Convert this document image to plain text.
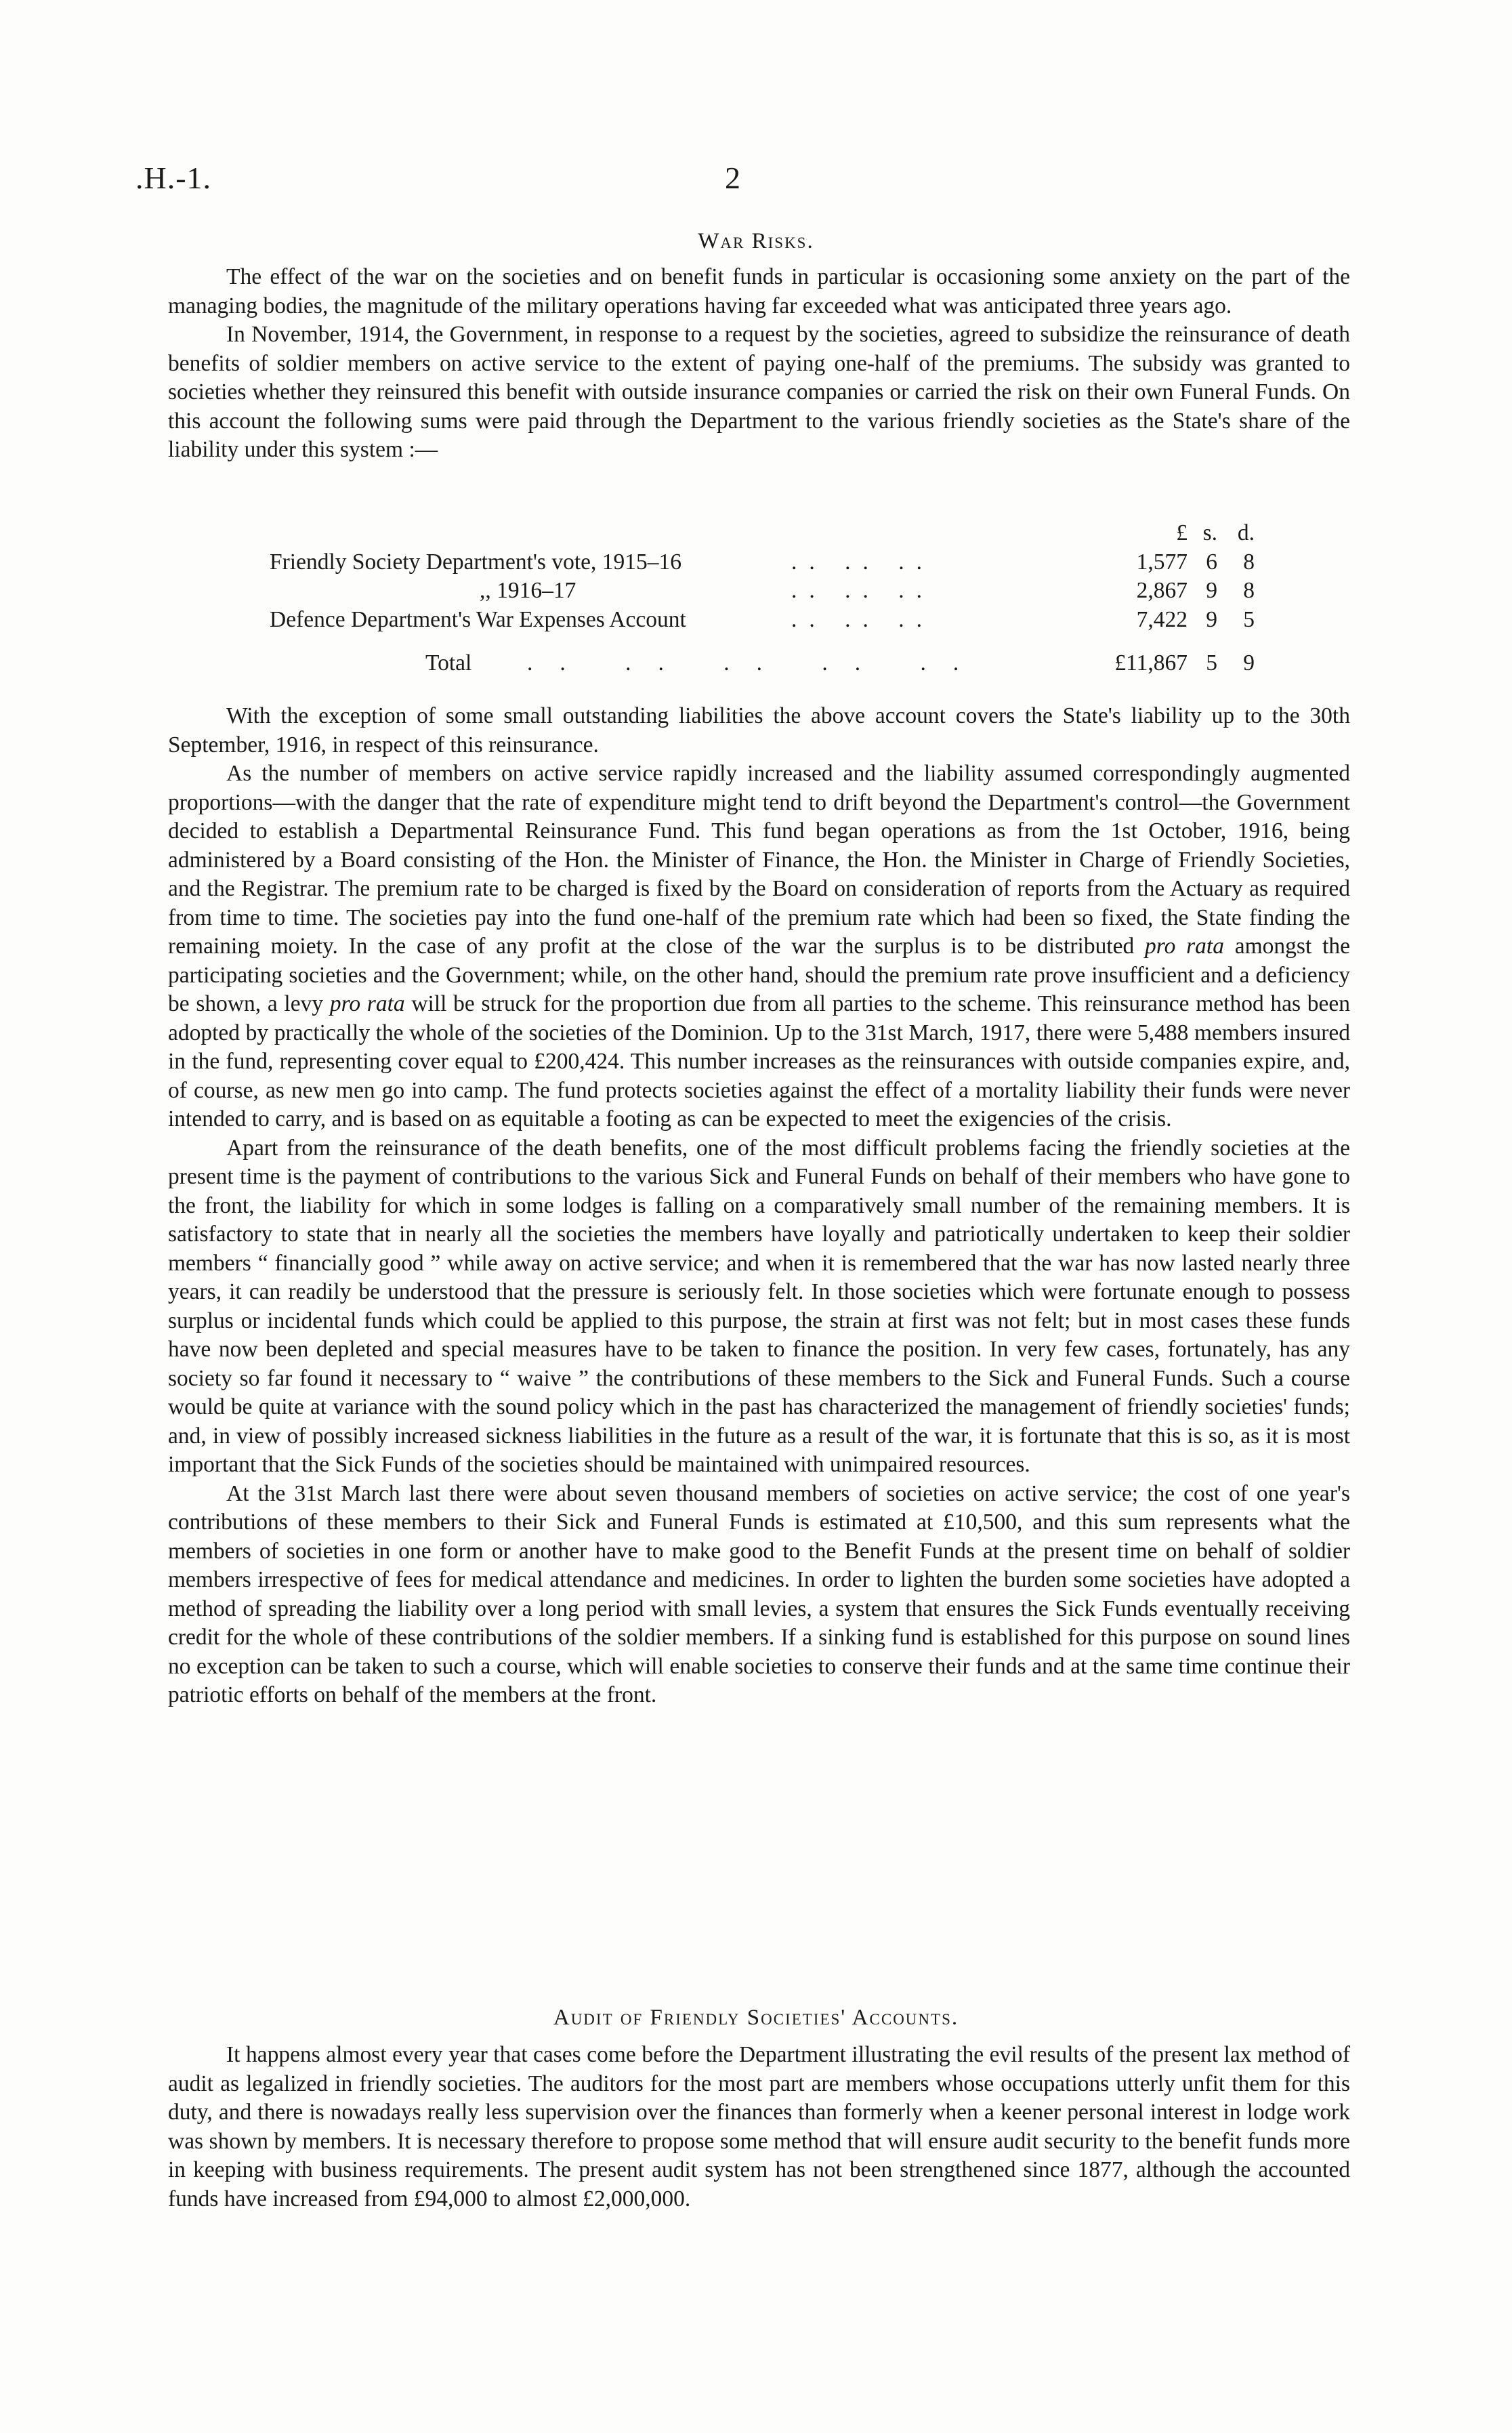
.H.-1.	2
War Risks.

The effect of the war on the societies and on benefit funds in particular is occasioning some anxiety on the part of the managing bodies, the magnitude of the military operations having far exceeded what was anticipated three years ago.

In November, 1914, the Government, in response to a request by the societies, agreed to subsidize the reinsurance of death benefits of soldier members on active service to the extent of paying one-half of the premiums. The subsidy was granted to societies whether they reinsured this benefit with outside insurance companies or carried the risk on their own Funeral Funds. On this account the following sums were paid through the Department to the various friendly societies as the State's share of the liability under this system :—

£ s. d.
Friendly Society Department's vote, 1915–16	.. .. ..	1,577 6	8
,, 1916–17	.. .. ..	2,867 9	8
Defence Department's War Expenses Account	.. .. ..	7,422 9	5
Total .. .. .. .. ..	£11,867 5	9

With the exception of some small outstanding liabilities the above account covers the State's liability up to the 30th September, 1916, in respect of this reinsurance.

As the number of members on active service rapidly increased and the liability assumed correspondingly augmented proportions—with the danger that the rate of expenditure might tend to drift beyond the Department's control—the Government decided to establish a Departmental Reinsurance Fund. This fund began operations as from the 1st October, 1916, being administered by a Board consisting of the Hon. the Minister of Finance, the Hon. the Minister in Charge of Friendly Societies, and the Registrar. The premium rate to be charged is fixed by the Board on consideration of reports from the Actuary as required from time to time. The societies pay into the fund one-half of the premium rate which had been so fixed, the State finding the remaining moiety. In the case of any profit at the close of the war the surplus is to be distributed pro rata amongst the participating societies and the Government; while, on the other hand, should the premium rate prove insufficient and a deficiency be shown, a levy pro rata will be struck for the proportion due from all parties to the scheme. This reinsurance method has been adopted by practically the whole of the societies of the Dominion. Up to the 31st March, 1917, there were 5,488 members insured in the fund, representing cover equal to £200,424. This number increases as the reinsurances with outside companies expire, and, of course, as new men go into camp. The fund protects societies against the effect of a mortality liability their funds were never intended to carry, and is based on as equitable a footing as can be expected to meet the exigencies of the crisis.

Apart from the reinsurance of the death benefits, one of the most difficult problems facing the friendly societies at the present time is the payment of contributions to the various Sick and Funeral Funds on behalf of their members who have gone to the front, the liability for which in some lodges is falling on a comparatively small number of the remaining members. It is satisfactory to state that in nearly all the societies the members have loyally and patriotically undertaken to keep their soldier members “ financially good ” while away on active service; and when it is remembered that the war has now lasted nearly three years, it can readily be understood that the pressure is seriously felt. In those societies which were fortunate enough to possess surplus or incidental funds which could be applied to this purpose, the strain at first was not felt; but in most cases these funds have now been depleted and special measures have to be taken to finance the position. In very few cases, fortunately, has any society so far found it necessary to “ waive ” the contributions of these members to the Sick and Funeral Funds. Such a course would be quite at variance with the sound policy which in the past has characterized the management of friendly societies' funds; and, in view of possibly increased sickness liabilities in the future as a result of the war, it is fortunate that this is so, as it is most important that the Sick Funds of the societies should be maintained with unimpaired resources.

At the 31st March last there were about seven thousand members of societies on active service; the cost of one year's contributions of these members to their Sick and Funeral Funds is estimated at £10,500, and this sum represents what the members of societies in one form or another have to make good to the Benefit Funds at the present time on behalf of soldier members irrespective of fees for medical attendance and medicines. In order to lighten the burden some societies have adopted a method of spreading the liability over a long period with small levies, a system that ensures the Sick Funds eventually receiving credit for the whole of these contributions of the soldier members. If a sinking fund is established for this purpose on sound lines no exception can be taken to such a course, which will enable societies to conserve their funds and at the same time continue their patriotic efforts on behalf of the members at the front.

Audit of Friendly Societies' Accounts.

It happens almost every year that cases come before the Department illustrating the evil results of the present lax method of audit as legalized in friendly societies. The auditors for the most part are members whose occupations utterly unfit them for this duty, and there is nowadays really less supervision over the finances than formerly when a keener personal interest in lodge work was shown by members. It is necessary therefore to propose some method that will ensure audit security to the benefit funds more in keeping with business requirements. The present audit system has not been strengthened since 1877, although the accounted funds have increased from £94,000 to almost £2,000,000.
